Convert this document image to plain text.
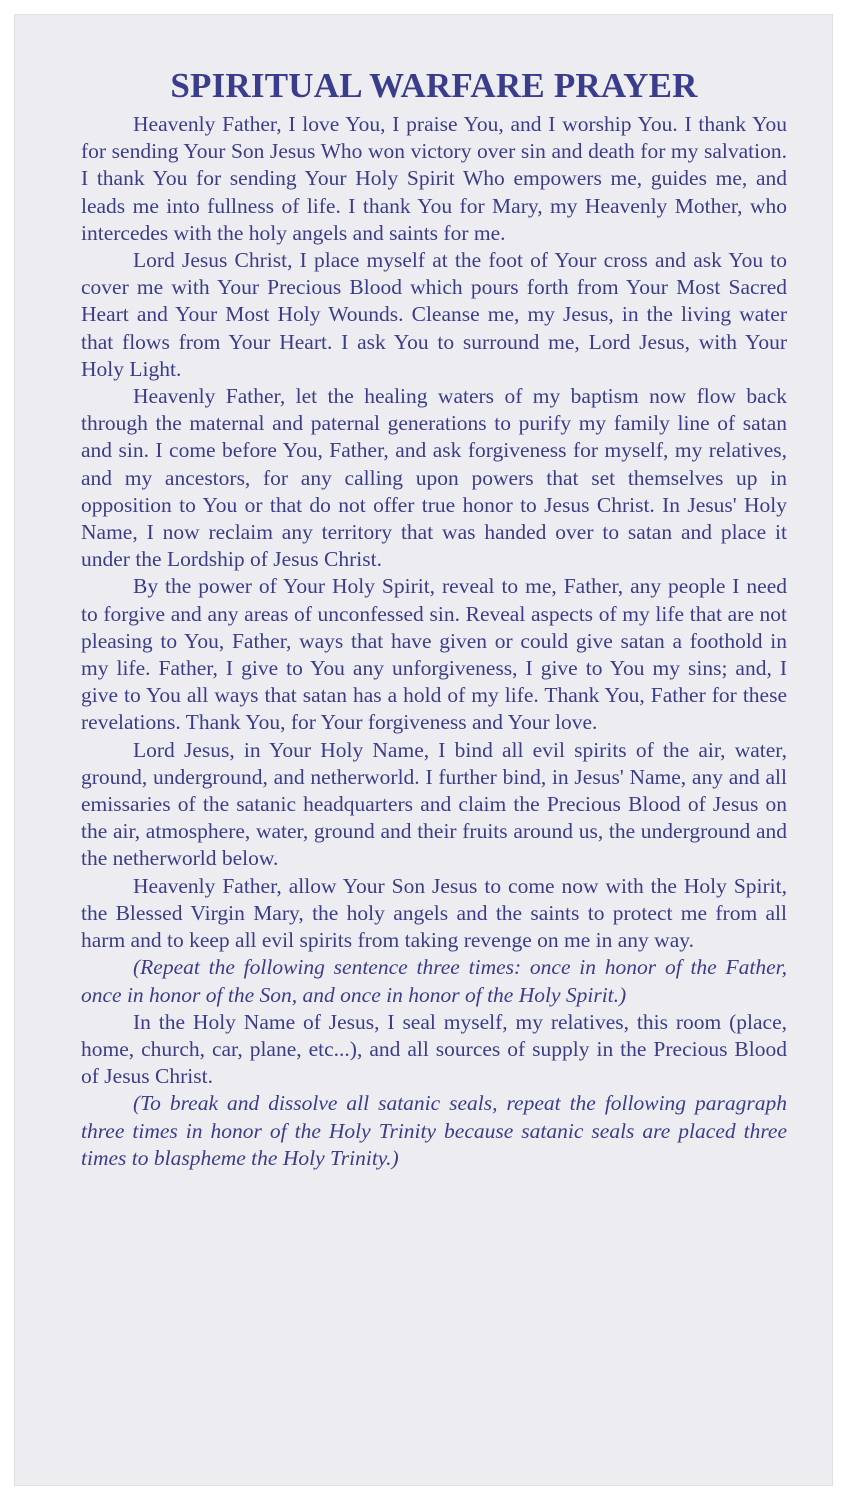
SPIRITUAL WARFARE PRAYER

Heavenly Father, I love You, I praise You, and I worship You. I thank You for sending Your Son Jesus Who won victory over sin and death for my salvation. I thank You for sending Your Holy Spirit Who empowers me, guides me, and leads me into fullness of life. I thank You for Mary, my Heavenly Mother, who intercedes with the holy angels and saints for me.

Lord Jesus Christ, I place myself at the foot of Your cross and ask You to cover me with Your Precious Blood which pours forth from Your Most Sacred Heart and Your Most Holy Wounds. Cleanse me, my Jesus, in the living water that flows from Your Heart. I ask You to surround me, Lord Jesus, with Your Holy Light.

Heavenly Father, let the healing waters of my baptism now flow back through the maternal and paternal generations to purify my family line of satan and sin. I come before You, Father, and ask forgiveness for myself, my relatives, and my ancestors, for any calling upon powers that set themselves up in opposition to You or that do not offer true honor to Jesus Christ. In Jesus' Holy Name, I now reclaim any territory that was handed over to satan and place it under the Lordship of Jesus Christ.

By the power of Your Holy Spirit, reveal to me, Father, any people I need to forgive and any areas of unconfessed sin. Reveal aspects of my life that are not pleasing to You, Father, ways that have given or could give satan a foothold in my life. Father, I give to You any unforgiveness, I give to You my sins; and, I give to You all ways that satan has a hold of my life. Thank You, Father for these revelations. Thank You, for Your forgiveness and Your love.

Lord Jesus, in Your Holy Name, I bind all evil spirits of the air, water, ground, underground, and netherworld. I further bind, in Jesus' Name, any and all emissaries of the satanic headquarters and claim the Precious Blood of Jesus on the air, atmosphere, water, ground and their fruits around us, the underground and the netherworld below.

Heavenly Father, allow Your Son Jesus to come now with the Holy Spirit, the Blessed Virgin Mary, the holy angels and the saints to protect me from all harm and to keep all evil spirits from taking revenge on me in any way.

(Repeat the following sentence three times: once in honor of the Father, once in honor of the Son, and once in honor of the Holy Spirit.)

In the Holy Name of Jesus, I seal myself, my relatives, this room (place, home, church, car, plane, etc...), and all sources of supply in the Precious Blood of Jesus Christ.

(To break and dissolve all satanic seals, repeat the following paragraph three times in honor of the Holy Trinity because satanic seals are placed three times to blaspheme the Holy Trinity.)
